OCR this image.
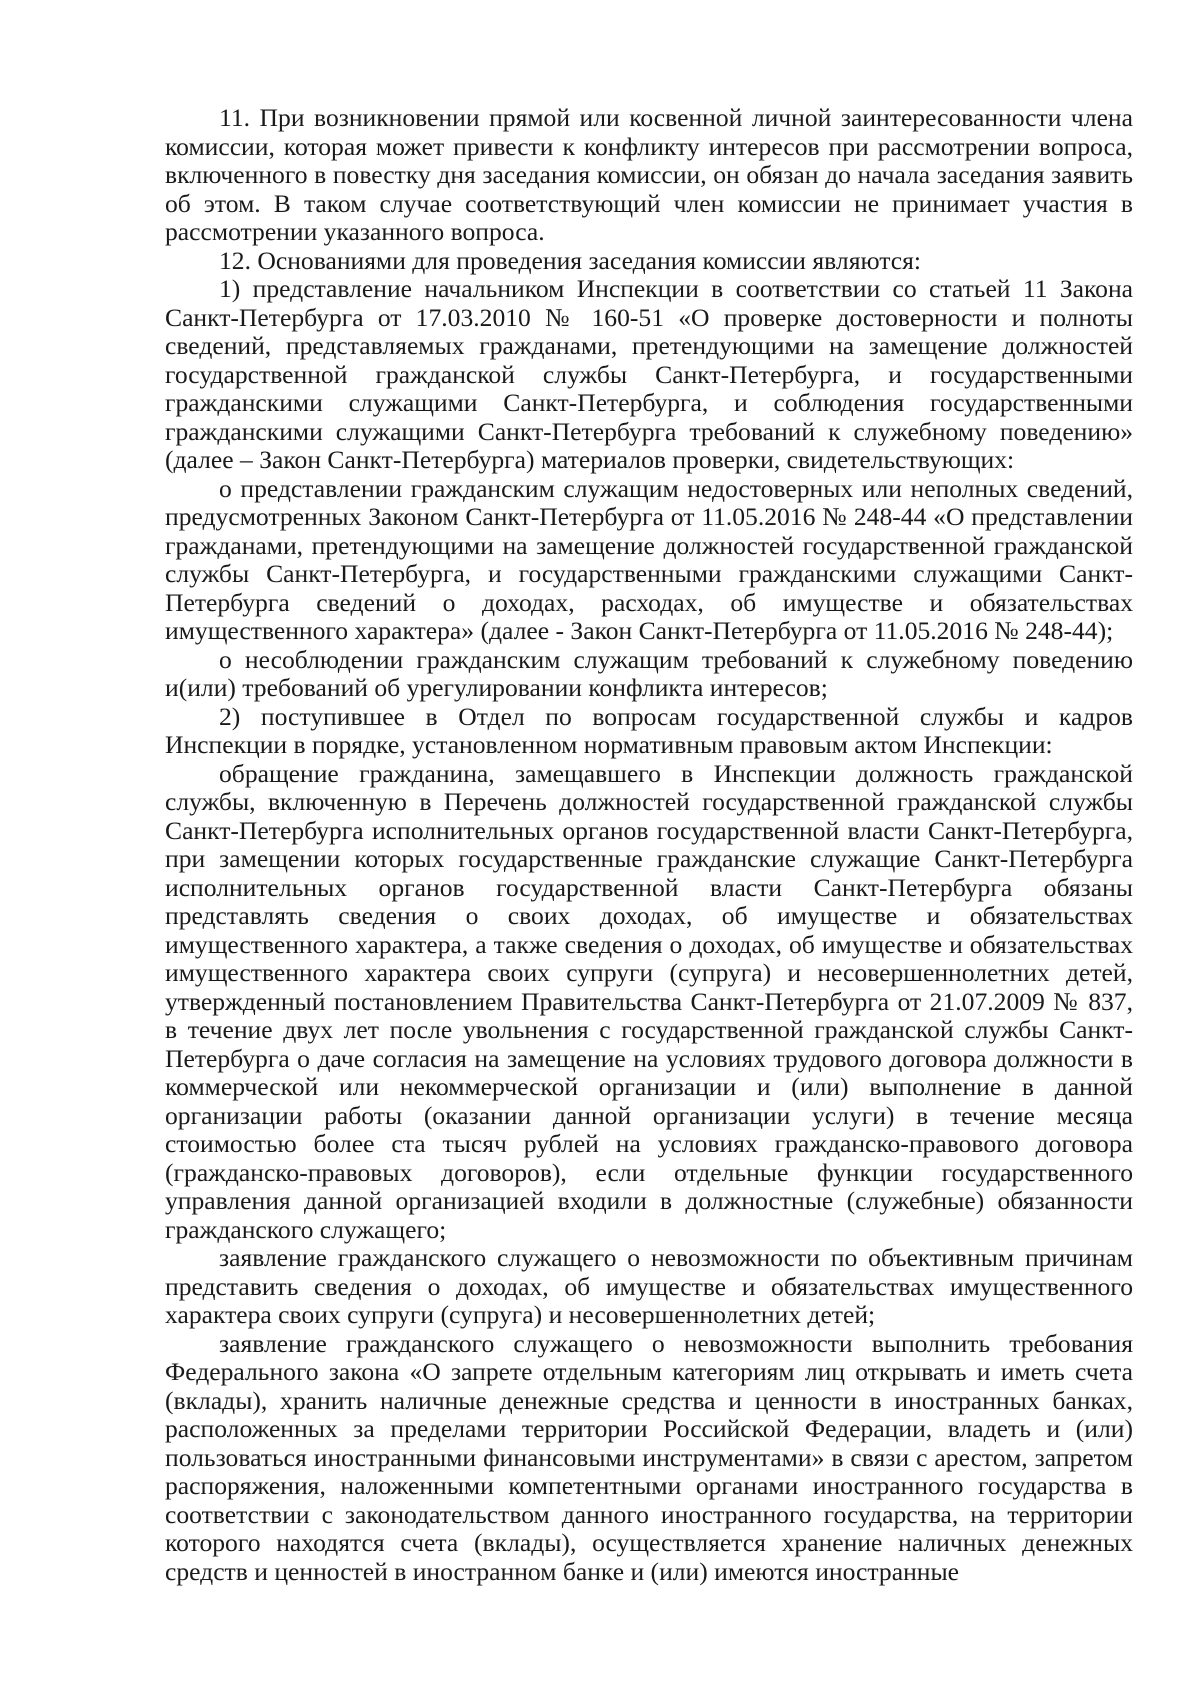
11. При возникновении прямой или косвенной личной заинтересованности члена комиссии, которая может привести к конфликту интересов при рассмотрении вопроса, включенного в повестку дня заседания комиссии, он обязан до начала заседания заявить об этом. В таком случае соответствующий член комиссии не принимает участия в рассмотрении указанного вопроса.

12. Основаниями для проведения заседания комиссии являются:

1) представление начальником Инспекции в соответствии со статьей 11 Закона Санкт-Петербурга от 17.03.2010 № 160-51 «О проверке достоверности и полноты сведений, представляемых гражданами, претендующими на замещение должностей государственной гражданской службы Санкт-Петербурга, и государственными гражданскими служащими Санкт-Петербурга, и соблюдения государственными гражданскими служащими Санкт-Петербурга требований к служебному поведению» (далее – Закон Санкт-Петербурга) материалов проверки, свидетельствующих:

о представлении гражданским служащим недостоверных или неполных сведений, предусмотренных Законом Санкт-Петербурга от 11.05.2016 № 248-44 «О представлении гражданами, претендующими на замещение должностей государственной гражданской службы Санкт-Петербурга, и государственными гражданскими служащими Санкт-Петербурга сведений о доходах, расходах, об имуществе и обязательствах имущественного характера» (далее - Закон Санкт-Петербурга от 11.05.2016 № 248-44);

о несоблюдении гражданским служащим требований к служебному поведению и(или) требований об урегулировании конфликта интересов;

2) поступившее в Отдел по вопросам государственной службы и кадров Инспекции в порядке, установленном нормативным правовым актом Инспекции:

обращение гражданина, замещавшего в Инспекции должность гражданской службы, включенную в Перечень должностей государственной гражданской службы Санкт-Петербурга исполнительных органов государственной власти Санкт-Петербурга, при замещении которых государственные гражданские служащие Санкт-Петербурга исполнительных органов государственной власти Санкт-Петербурга обязаны представлять сведения о своих доходах, об имуществе и обязательствах имущественного характера, а также сведения о доходах, об имуществе и обязательствах имущественного характера своих супруги (супруга) и несовершеннолетних детей, утвержденный постановлением Правительства Санкт-Петербурга от 21.07.2009 № 837, в течение двух лет после увольнения с государственной гражданской службы Санкт-Петербурга о даче согласия на замещение на условиях трудового договора должности в коммерческой или некоммерческой организации и (или) выполнение в данной организации работы (оказании данной организации услуги) в течение месяца стоимостью более ста тысяч рублей на условиях гражданско-правового договора (гражданско-правовых договоров), если отдельные функции государственного управления данной организацией входили в должностные (служебные) обязанности гражданского служащего;

заявление гражданского служащего о невозможности по объективным причинам представить сведения о доходах, об имуществе и обязательствах имущественного характера своих супруги (супруга) и несовершеннолетних детей;

заявление гражданского служащего о невозможности выполнить требования Федерального закона «О запрете отдельным категориям лиц открывать и иметь счета (вклады), хранить наличные денежные средства и ценности в иностранных банках, расположенных за пределами территории Российской Федерации, владеть и (или) пользоваться иностранными финансовыми инструментами» в связи с арестом, запретом распоряжения, наложенными компетентными органами иностранного государства в соответствии с законодательством данного иностранного государства, на территории которого находятся счета (вклады), осуществляется хранение наличных денежных средств и ценностей в иностранном банке и (или) имеются иностранные
